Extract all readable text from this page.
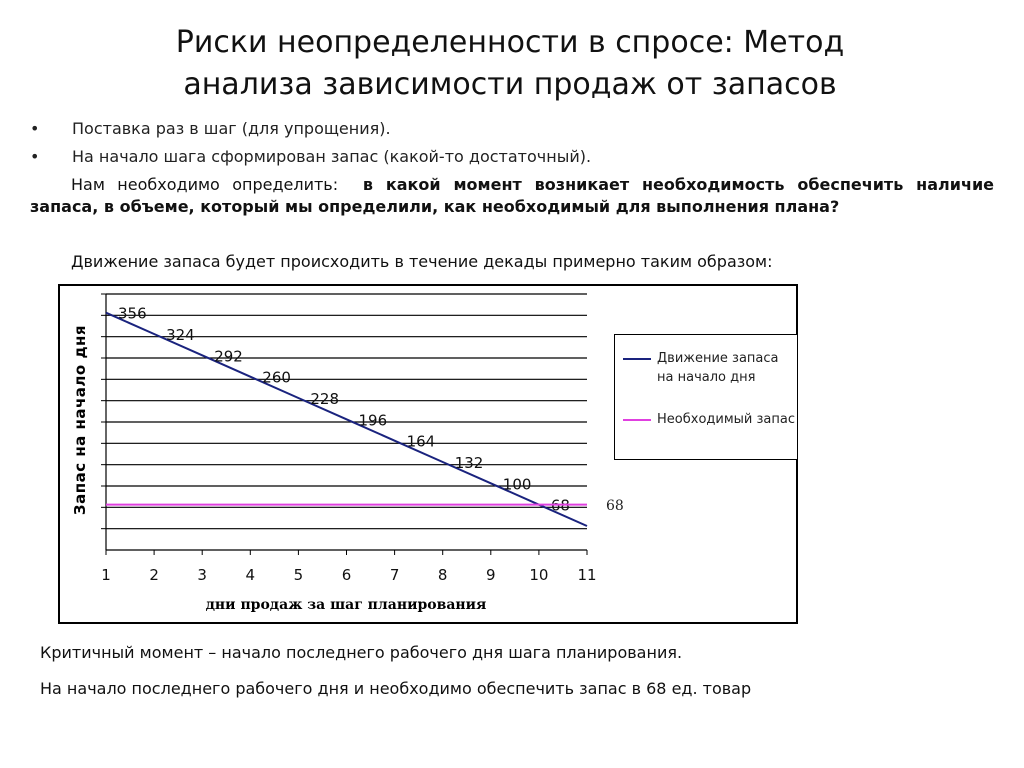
Риски неопределенности в спросе: Метод
анализа зависимости продаж от запасов
• Поставка раз в шаг (для упрощения).
• На начало шага сформирован запас (какой-то достаточный).
Нам необходимо определить: в какой момент возникает необходимость обеспечить наличие запаса, в объеме, который мы определили, как необходимый для выполнения плана?
Движение запаса будет происходить в течение декады примерно таким образом:
1	2	3	4	5	6	7	8	9 10 11
356
324
292
260
228
196
164
132
100
68
Запас на начало дня
дни продаж за шаг планирования
68
Движение запаса на начало дня
Необходимый запас
Критичный момент – начало последнего рабочего дня шага планирования.
На начало последнего рабочего дня и необходимо обеспечить запас в 68 ед. товар
